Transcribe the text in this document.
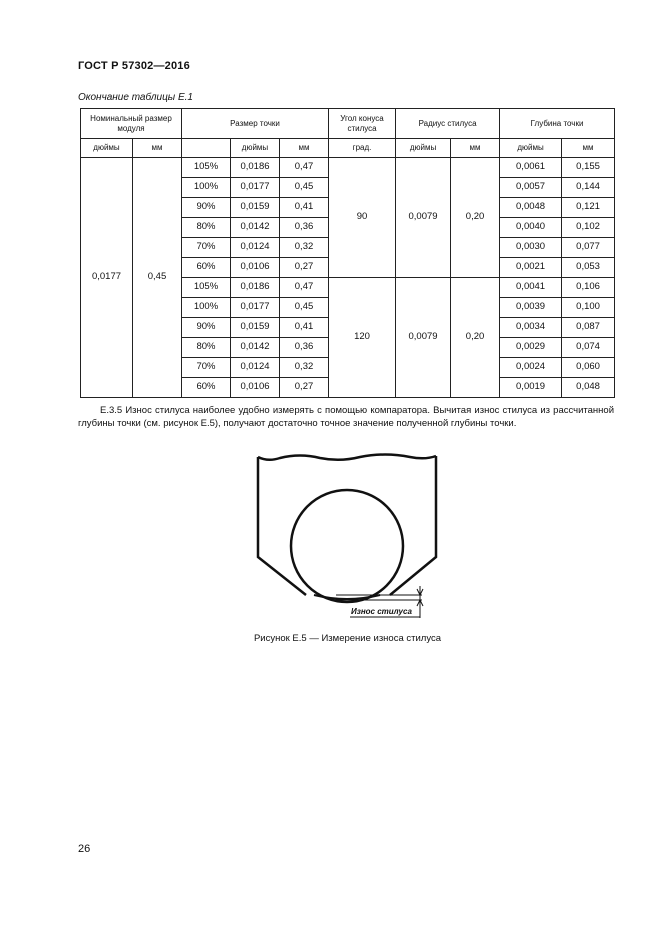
ГОСТ Р 57302—2016
Окончание таблицы Е.1
Номинальный размер модуля		Размер точки			Угол конуса стилуса	Радиус стилуса		Глубина точки	
дюймы	мм		дюймы	мм	град.	дюймы	мм	дюймы	мм
0,0177	0,45	105%	0,0186	0,47	90	0,0079	0,20	0,0061	0,155
		100%	0,0177	0,45				0,0057	0,144
		90%	0,0159	0,41				0,0048	0,121
		80%	0,0142	0,36				0,0040	0,102
		70%	0,0124	0,32				0,0030	0,077
		60%	0,0106	0,27				0,0021	0,053
		105%	0,0186	0,47	120	0,0079	0,20	0,0041	0,106
		100%	0,0177	0,45				0,0039	0,100
		90%	0,0159	0,41				0,0034	0,087
		80%	0,0142	0,36				0,0029	0,074
		70%	0,0124	0,32				0,0024	0,060
		60%	0,0106	0,27				0,0019	0,048

Е.3.5 Износ стилуса наиболее удобно измерять с помощью компаратора. Вычитая износ стилуса из рассчитанной глубины точки (см. рисунок Е.5), получают достаточно точное значение полученной глубины точки.

Износ стилуса
Рисунок Е.5 — Измерение износа стилуса
26
